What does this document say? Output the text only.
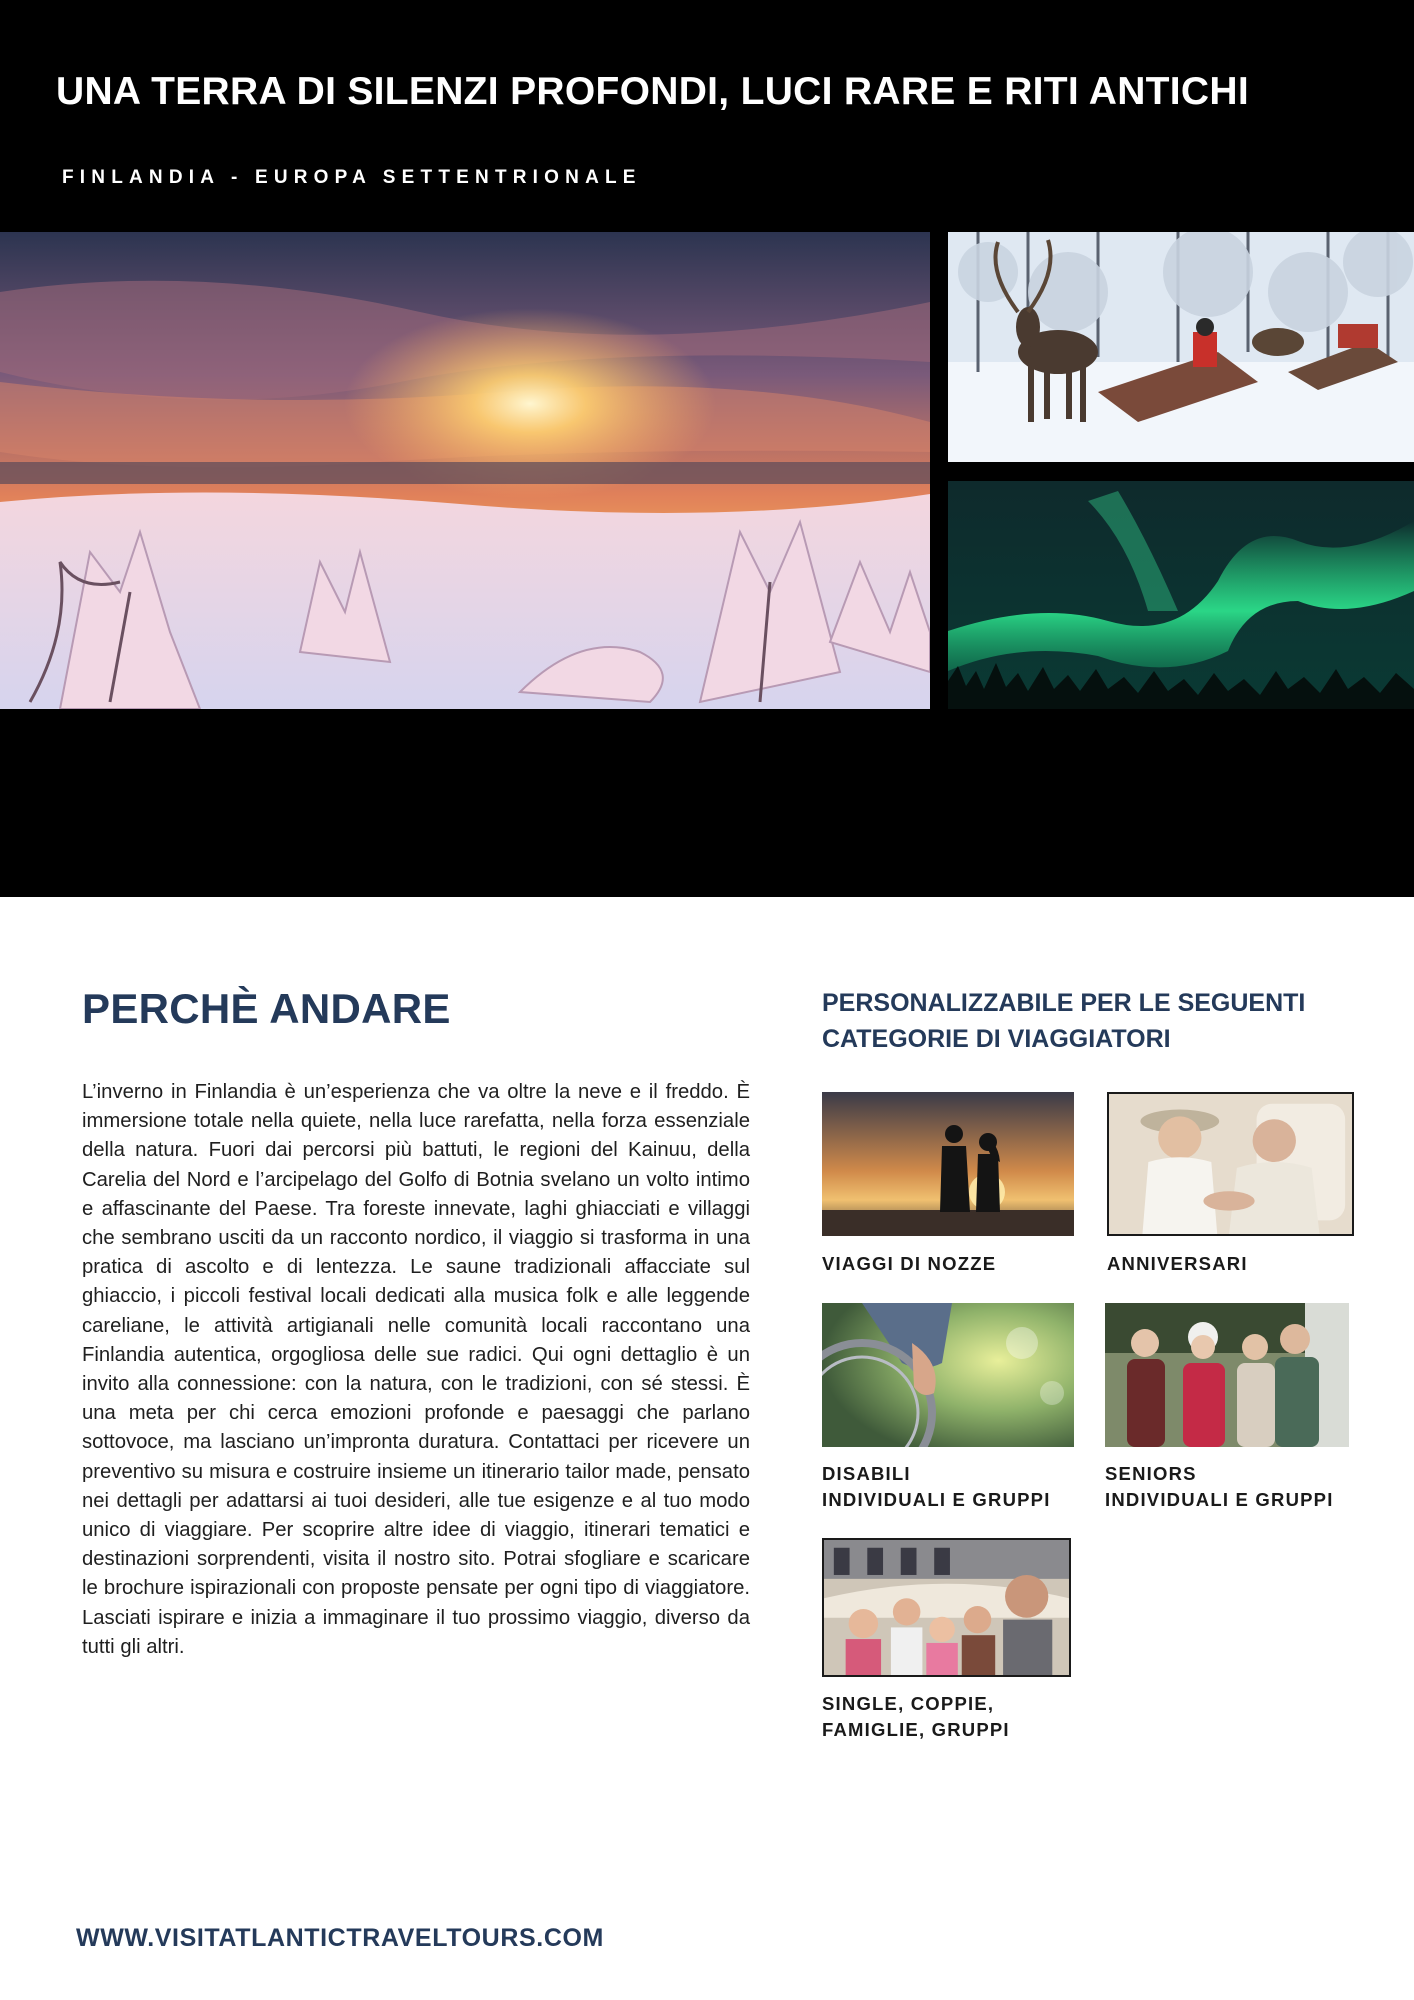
UNA TERRA DI SILENZI PROFONDI, LUCI RARE E RITI ANTICHI

FINLANDIA - EUROPA SETTENTRIONALE

PERCHÈ ANDARE

L’inverno in Finlandia è un’esperienza che va oltre la neve e il freddo. È immersione totale nella quiete, nella luce rarefatta, nella forza essenziale della natura. Fuori dai percorsi più battuti, le regioni del Kainuu, della Carelia del Nord e l’arcipelago del Golfo di Botnia svelano un volto intimo e affascinante del Paese. Tra foreste innevate, laghi ghiacciati e villaggi che sembrano usciti da un racconto nordico, il viaggio si trasforma in una pratica di ascolto e di lentezza. Le saune tradizionali affacciate sul ghiaccio, i piccoli festival locali dedicati alla musica folk e alle leggende careliane, le attività artigianali nelle comunità locali raccontano una Finlandia autentica, orgogliosa delle sue radici. Qui ogni dettaglio è un invito alla connessione: con la natura, con le tradizioni, con sé stessi. È una meta per chi cerca emozioni profonde e paesaggi che parlano sottovoce, ma lasciano un’impronta duratura. Contattaci per ricevere un preventivo su misura e costruire insieme un itinerario tailor made, pensato nei dettagli per adattarsi ai tuoi desideri, alle tue esigenze e al tuo modo unico di viaggiare. Per scoprire altre idee di viaggio, itinerari tematici e destinazioni sorprendenti, visita il nostro sito. Potrai sfogliare e scaricare le brochure ispirazionali con proposte pensate per ogni tipo di viaggiatore. Lasciati ispirare e inizia a immaginare il tuo prossimo viaggio, diverso da tutti gli altri.

PERSONALIZZABILE PER LE SEGUENTI CATEGORIE DI VIAGGIATORI

VIAGGI DI NOZZE	ANNIVERSARI

DISABILI

INDIVIDUALI E GRUPPI

SENIORS

INDIVIDUALI E GRUPPI

SINGLE, COPPIE,

FAMIGLIE, GRUPPI

WWW.VISITATLANTICTRAVELTOURS.COM
